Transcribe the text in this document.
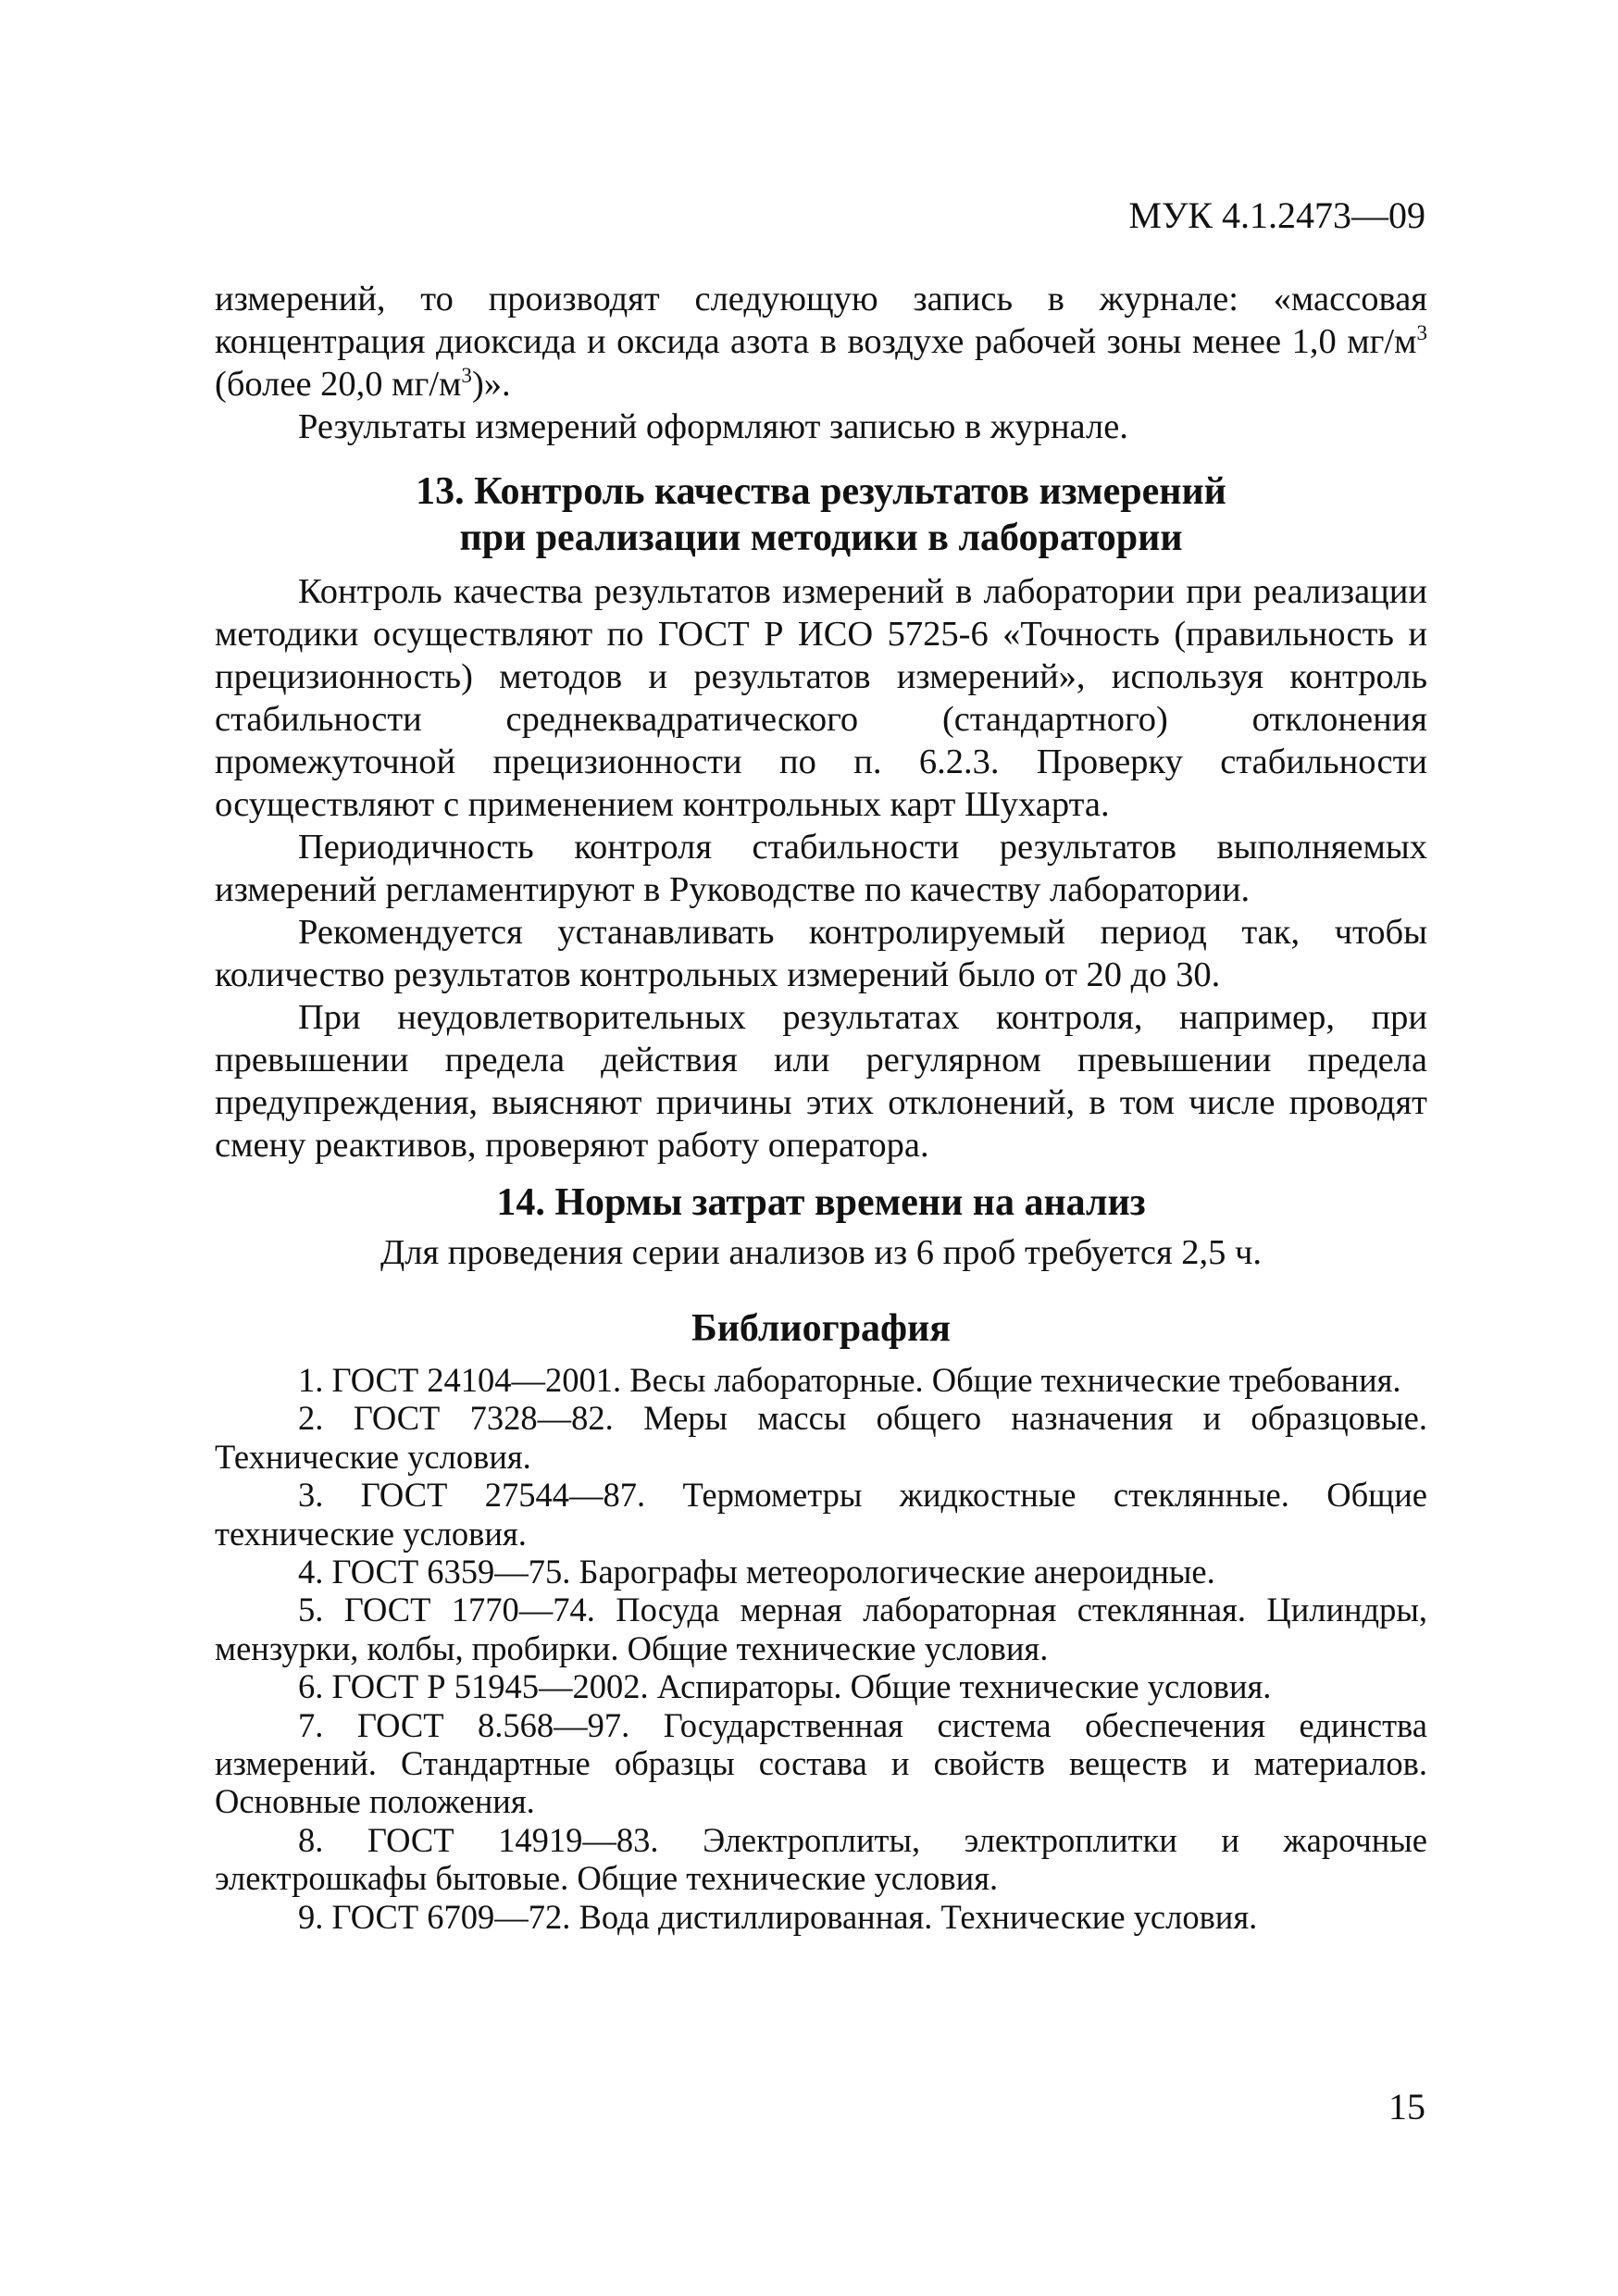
МУК 4.1.2473—09

измерений, то производят следующую запись в журнале: «массовая концентрация диоксида и оксида азота в воздухе рабочей зоны менее 1,0 $мг/м^3$ (более 20,0 $мг/м^3$)».

Результаты измерений оформляют записью в журнале.

13. Контроль качества результатов измерений
при реализации методики в лаборатории

Контроль качества результатов измерений в лаборатории при реализации методики осуществляют по ГОСТ Р ИСО 5725-6 «Точность (правильность и прецизионность) методов и результатов измерений», используя контроль стабильности среднеквадратического (стандартного) отклонения промежуточной прецизионности по п. 6.2.3. Проверку стабильности осуществляют с применением контрольных карт Шухарта.

Периодичность контроля стабильности результатов выполняемых измерений регламентируют в Руководстве по качеству лаборатории.

Рекомендуется устанавливать контролируемый период так, чтобы количество результатов контрольных измерений было от 20 до 30.

При неудовлетворительных результатах контроля, например, при превышении предела действия или регулярном превышении предела предупреждения, выясняют причины этих отклонений, в том числе проводят смену реактивов, проверяют работу оператора.

14. Нормы затрат времени на анализ

Для проведения серии анализов из 6 проб требуется 2,5 ч.

Библиография
1. ГОСТ 24104—2001. Весы лабораторные. Общие технические требования.
2. ГОСТ 7328—82. Меры массы общего назначения и образцовые. Технические условия.
3. ГОСТ 27544—87. Термометры жидкостные стеклянные. Общие технические условия.
4. ГОСТ 6359—75. Барографы метеорологические анероидные.
5. ГОСТ 1770—74. Посуда мерная лабораторная стеклянная. Цилиндры, мензурки, колбы, пробирки. Общие технические условия.
6. ГОСТ Р 51945—2002. Аспираторы. Общие технические условия.
7. ГОСТ 8.568—97. Государственная система обеспечения единства измерений. Стандартные образцы состава и свойств веществ и материалов. Основные положения.
8. ГОСТ 14919—83. Электроплиты, электроплитки и жарочные электрошкафы бытовые. Общие технические условия.
9. ГОСТ 6709—72. Вода дистиллированная. Технические условия.
15
